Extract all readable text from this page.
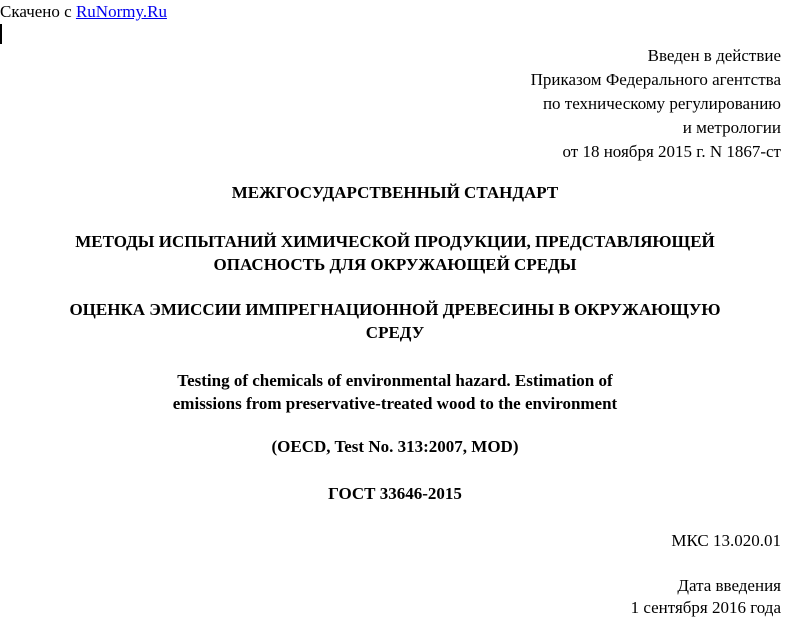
Скачено с RuNormy.Ru
Введен в действие
Приказом Федерального агентства
по техническому регулированию
и метрологии
от 18 ноября 2015 г. N 1867-ст
МЕЖГОСУДАРСТВЕННЫЙ СТАНДАРТ
МЕТОДЫ ИСПЫТАНИЙ ХИМИЧЕСКОЙ ПРОДУКЦИИ, ПРЕДСТАВЛЯЮЩЕЙ
ОПАСНОСТЬ ДЛЯ ОКРУЖАЮЩЕЙ СРЕДЫ
ОЦЕНКА ЭМИССИИ ИМПРЕГНАЦИОННОЙ ДРЕВЕСИНЫ В ОКРУЖАЮЩУЮ
СРЕДУ
Testing of chemicals of environmental hazard. Estimation of
emissions from preservative-treated wood to the environment
(OECD, Test No. 313:2007, MOD)
ГОСТ 33646-2015
МКС 13.020.01
Дата введения
1 сентября 2016 года
